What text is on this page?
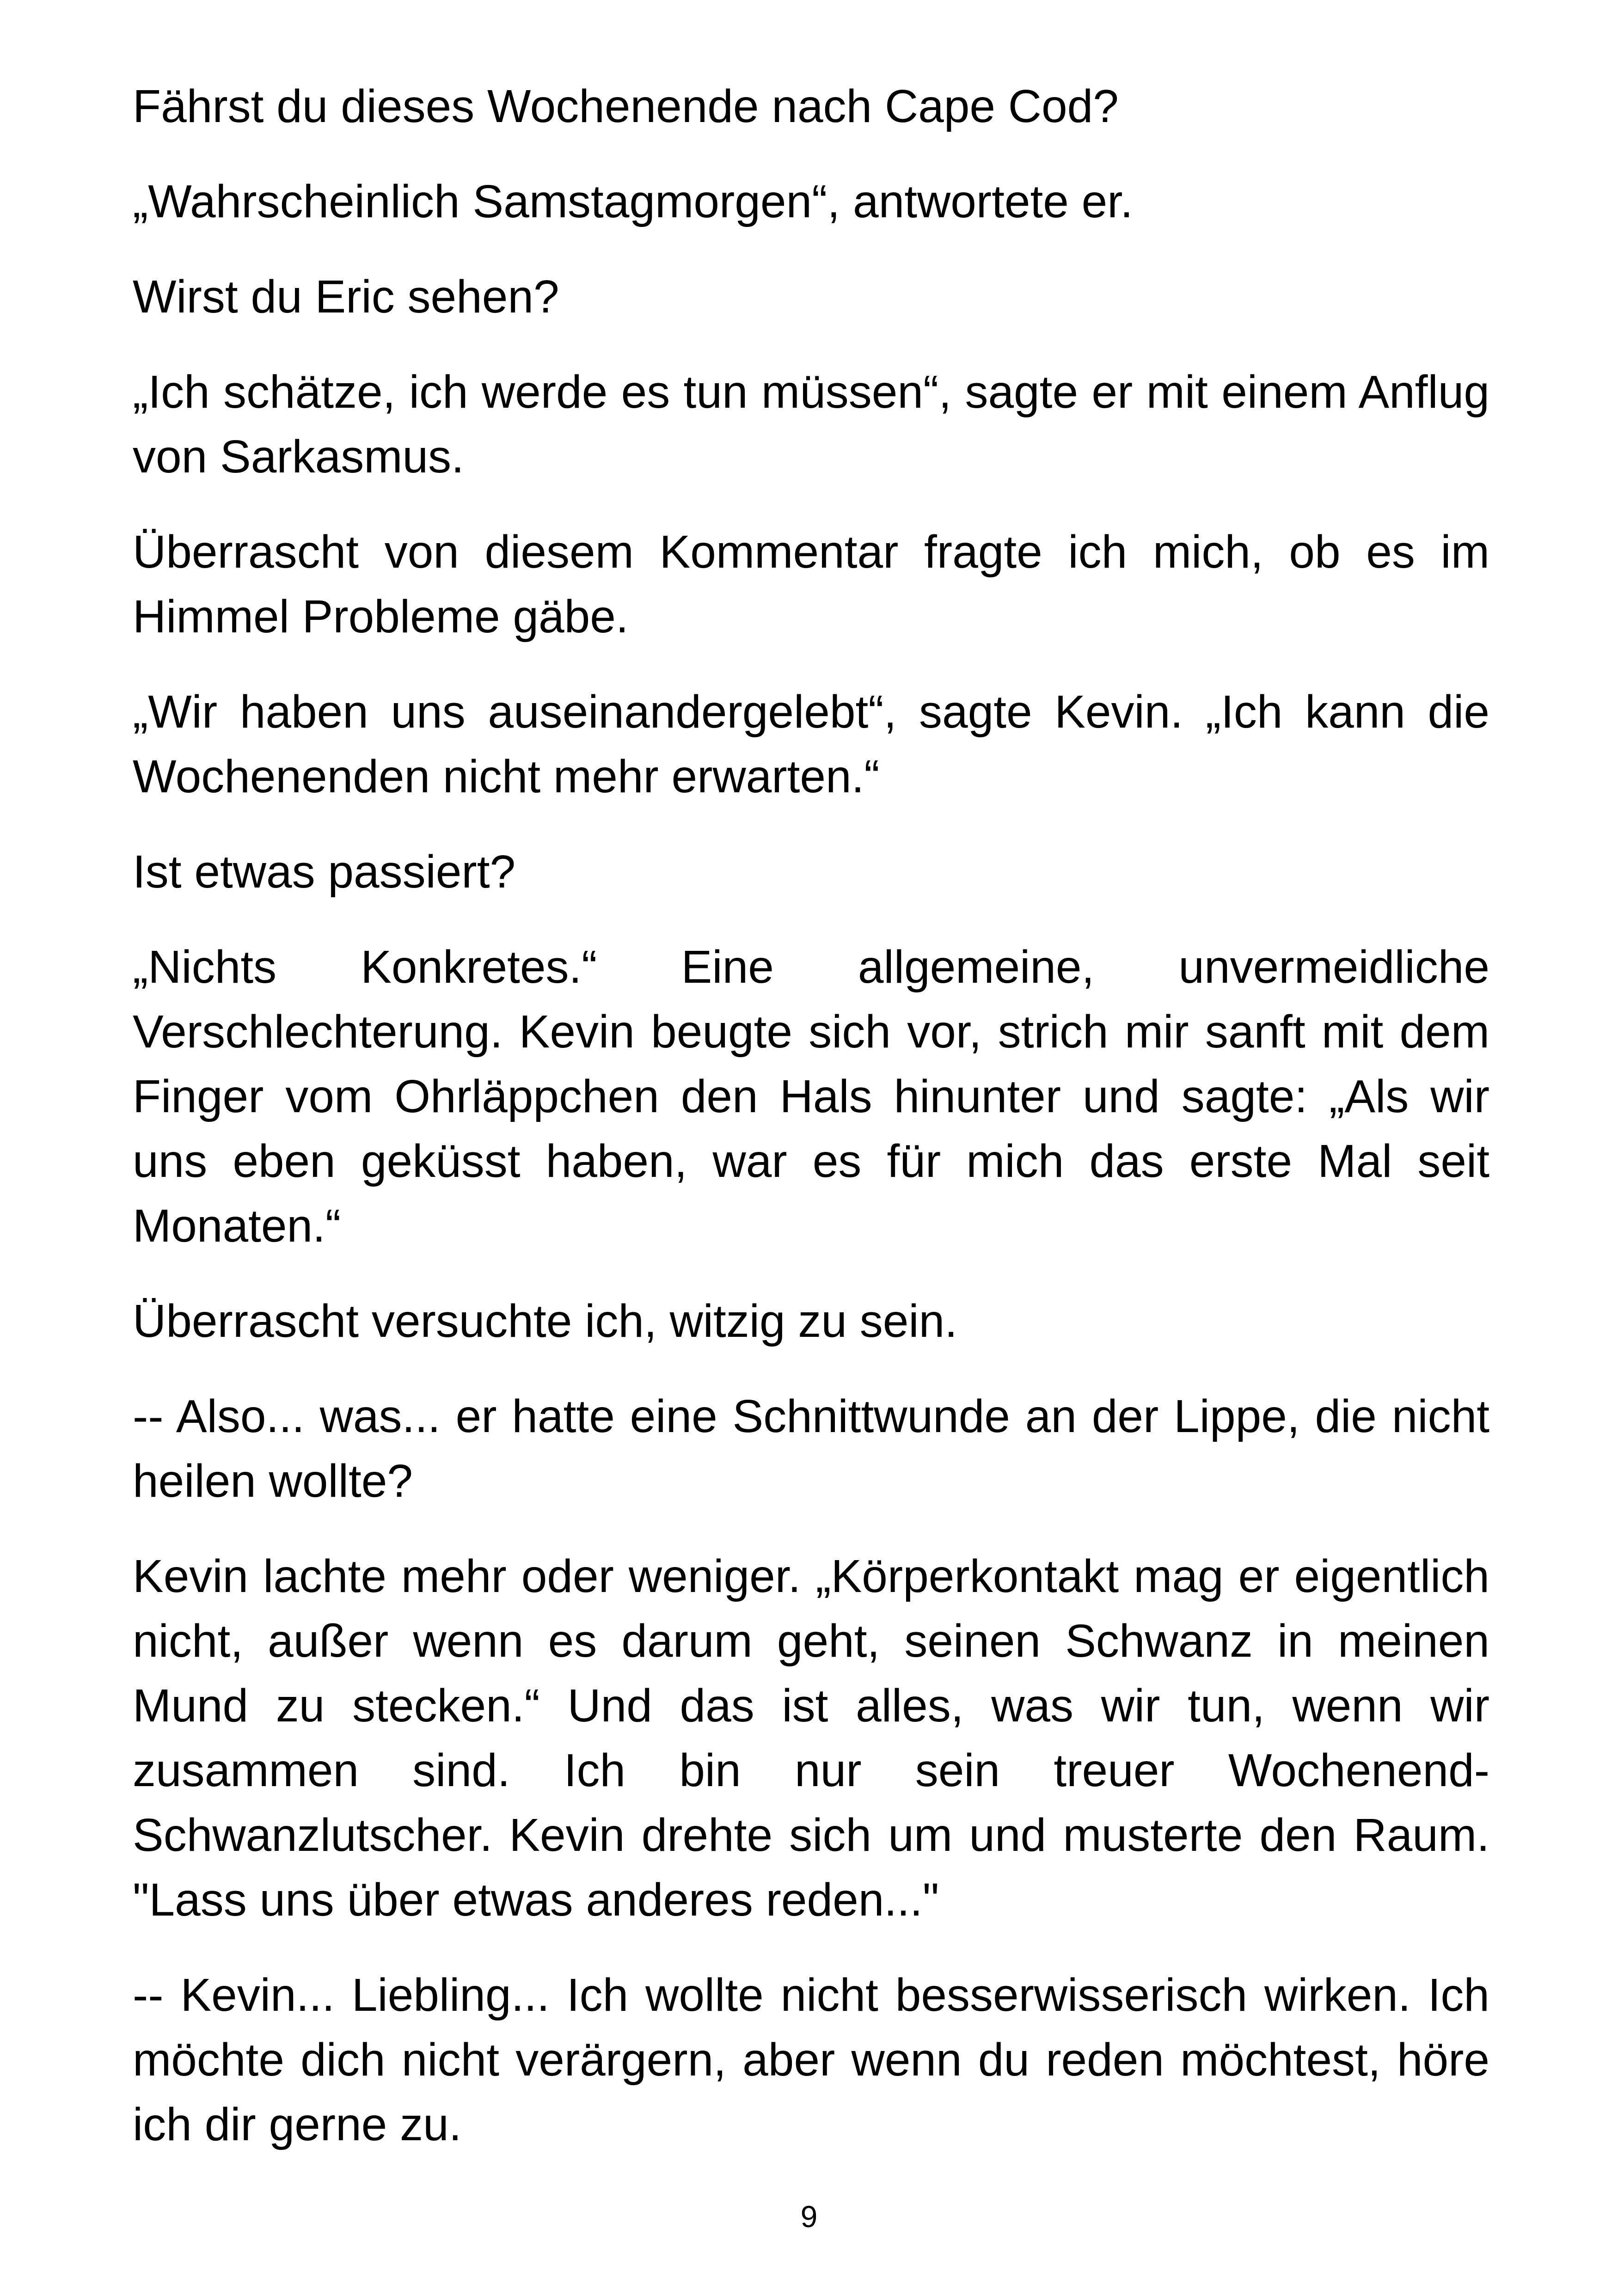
Fährst du dieses Wochenende nach Cape Cod?

„Wahrscheinlich Samstagmorgen“, antwortete er.

Wirst du Eric sehen?

„Ich schätze, ich werde es tun müssen“, sagte er mit einem Anflug von Sarkasmus.

Überrascht von diesem Kommentar fragte ich mich, ob es im Himmel Probleme gäbe.

„Wir haben uns auseinandergelebt“, sagte Kevin. „Ich kann die Wochenenden nicht mehr erwarten.“

Ist etwas passiert?

„Nichts Konkretes.“ Eine allgemeine, unvermeidliche Verschlechterung. Kevin beugte sich vor, strich mir sanft mit dem Finger vom Ohrläppchen den Hals hinunter und sagte: „Als wir uns eben geküsst haben, war es für mich das erste Mal seit Monaten.“

Überrascht versuchte ich, witzig zu sein.

-- Also... was... er hatte eine Schnittwunde an der Lippe, die nicht heilen wollte?

Kevin lachte mehr oder weniger. „Körperkontakt mag er eigentlich nicht, außer wenn es darum geht, seinen Schwanz in meinen Mund zu stecken.“ Und das ist alles, was wir tun, wenn wir zusammen sind. Ich bin nur sein treuer Wochenend-Schwanzlutscher. Kevin drehte sich um und musterte den Raum. "Lass uns über etwas anderes reden..."

-- Kevin... Liebling... Ich wollte nicht besserwisserisch wirken. Ich möchte dich nicht verärgern, aber wenn du reden möchtest, höre ich dir gerne zu.

9
